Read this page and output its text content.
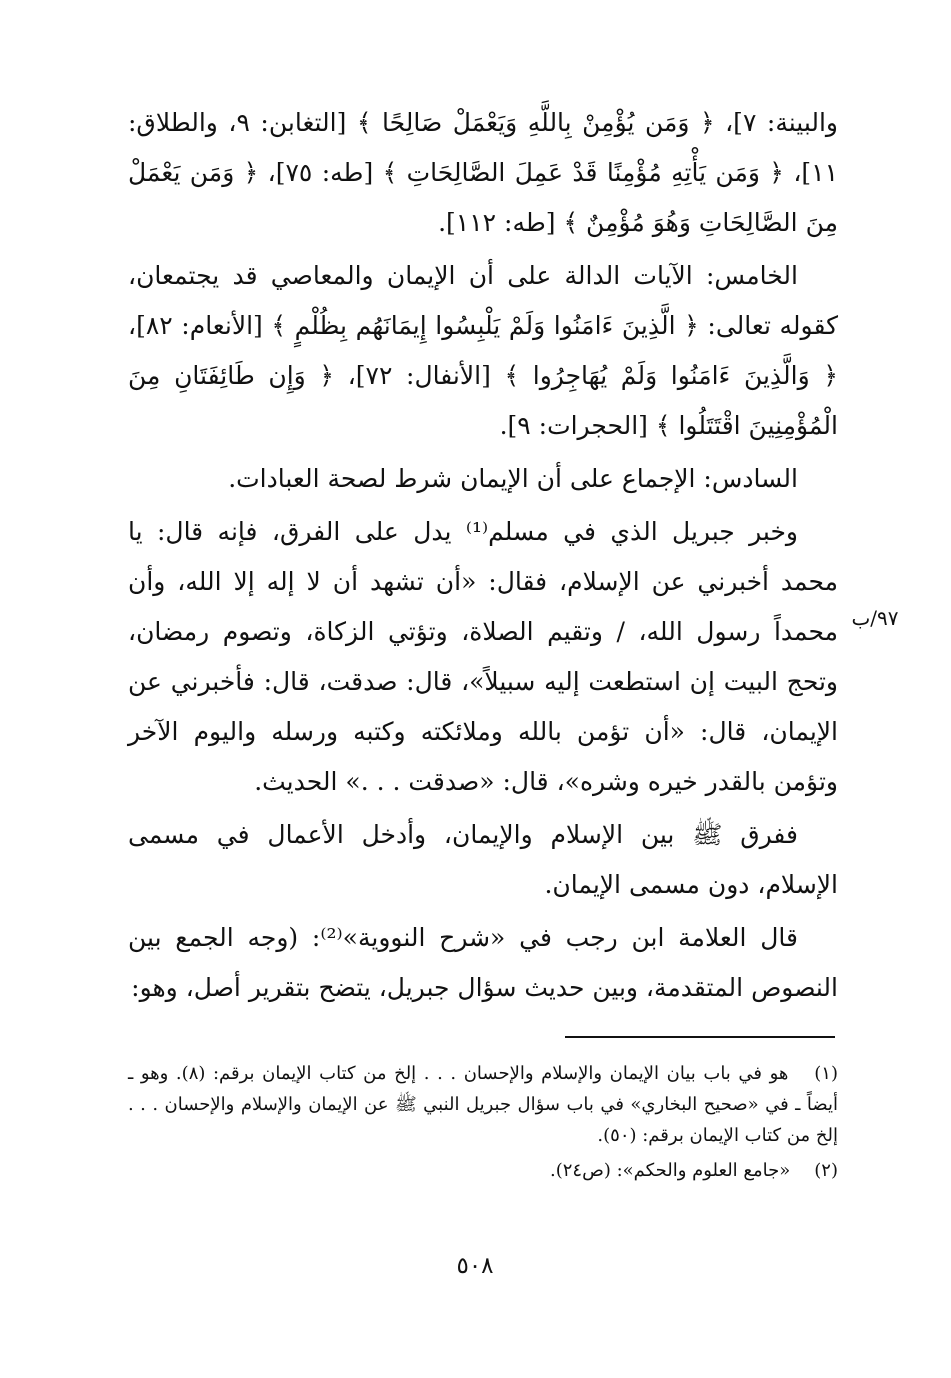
والبينة: ٧]، ﴿ وَمَن يُؤْمِنْ بِاللَّهِ وَيَعْمَلْ صَالِحًا ﴾ [التغابن: ٩، والطلاق: ١١]، ﴿ وَمَن يَأْتِهِ مُؤْمِنًا قَدْ عَمِلَ الصَّالِحَاتِ ﴾ [طه: ٧٥]، ﴿ وَمَن يَعْمَلْ مِنَ الصَّالِحَاتِ وَهُوَ مُؤْمِنٌ ﴾ [طه: ١١٢].

الخامس: الآيات الدالة على أن الإيمان والمعاصي قد يجتمعان، كقوله تعالى: ﴿ الَّذِينَ ءَامَنُوا وَلَمْ يَلْبِسُوا إِيمَانَهُم بِظُلْمٍ ﴾ [الأنعام: ٨٢]، ﴿ وَالَّذِينَ ءَامَنُوا وَلَمْ يُهَاجِرُوا ﴾ [الأنفال: ٧٢]، ﴿ وَإِن طَائِفَتَانِ مِنَ الْمُؤْمِنِينَ اقْتَتَلُوا ﴾ [الحجرات: ٩].

السادس: الإجماع على أن الإيمان شرط لصحة العبادات.

وخبر جبريل الذي في مسلم⁽¹⁾ يدل على الفرق، فإنه قال: يا محمد أخبرني عن الإسلام، فقال: «أن تشهد أن لا إله إلا الله، وأن محمداً رسول الله، / وتقيم الصلاة، وتؤتي الزكاة، وتصوم رمضان، وتحج البيت إن استطعت إليه سبيلاً»، قال: صدقت، قال: فأخبرني عن الإيمان، قال: «أن تؤمن بالله وملائكته وكتبه ورسله واليوم الآخر وتؤمن بالقدر خيره وشره»، قال: «صدقت . . .» الحديث.

ففرق ﷺ بين الإسلام والإيمان، وأدخل الأعمال في مسمى الإسلام، دون مسمى الإيمان.

قال العلامة ابن رجب في «شرح النووية»⁽²⁾: (وجه الجمع بين النصوص المتقدمة، وبين حديث سؤال جبريل، يتضح بتقرير أصل، وهو:

٩٧/ب
(١) هو في باب بيان الإيمان والإسلام والإحسان . . . إلخ من كتاب الإيمان برقم: (٨). وهو ـ أيضاً ـ في «صحيح البخاري» في باب سؤال جبريل النبي ﷺ عن الإيمان والإسلام والإحسان . . . إلخ من كتاب الإيمان برقم: (٥٠).
(٢) «جامع العلوم والحكم»: (ص٢٤).
٥٠٨
